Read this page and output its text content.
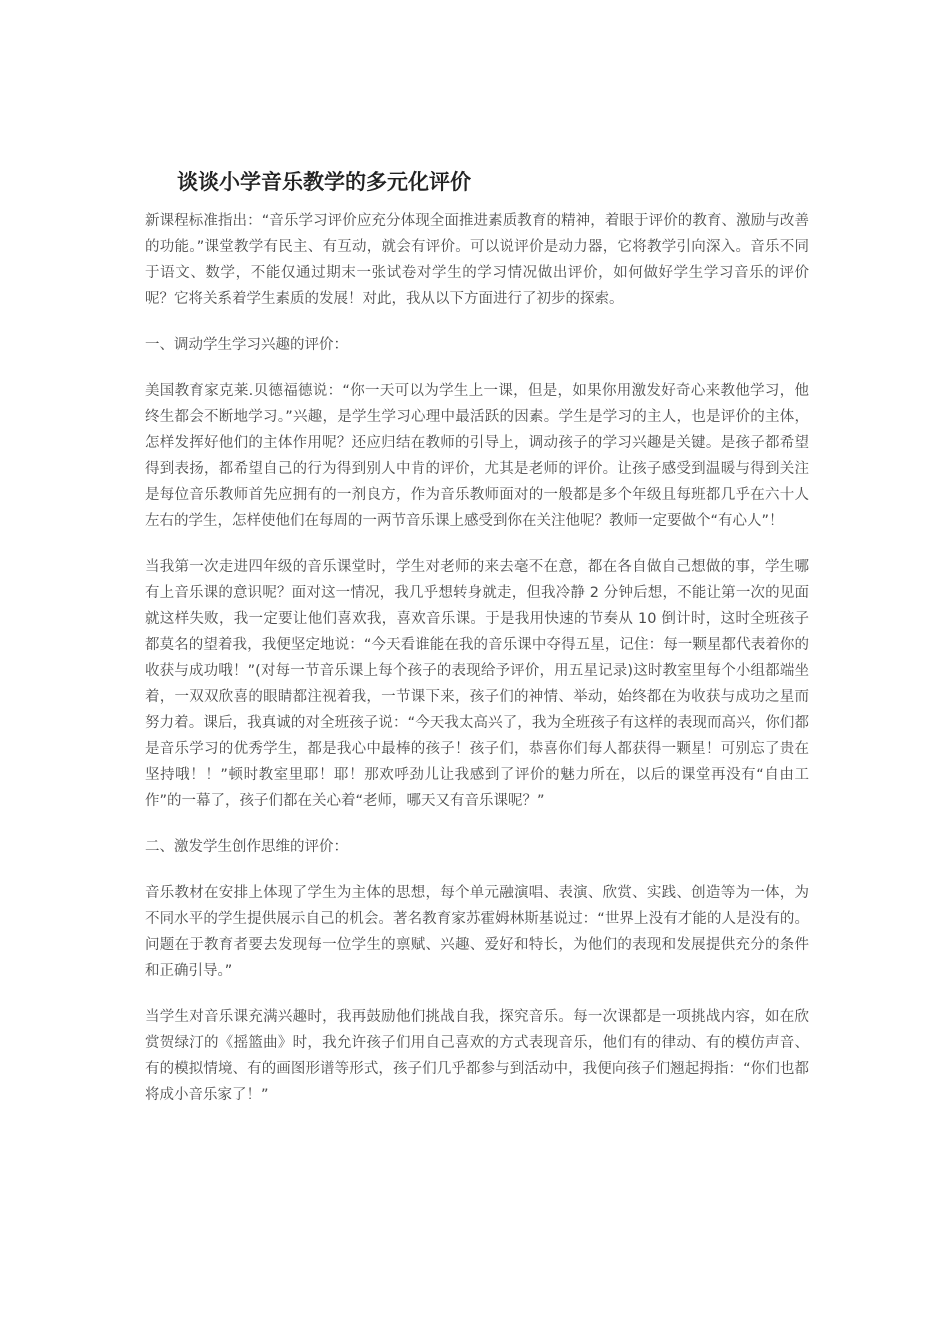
谈谈小学音乐教学的多元化评价

新课程标准指出：“音乐学习评价应充分体现全面推进素质教育的精神，着眼于评价的教育、激励与改善的功能。”课堂教学有民主、有互动，就会有评价。可以说评价是动力器，它将教学引向深入。音乐不同于语文、数学，不能仅通过期末一张试卷对学生的学习情况做出评价，如何做好学生学习音乐的评价呢？它将关系着学生素质的发展！对此，我从以下方面进行了初步的探索。

一、调动学生学习兴趣的评价：

美国教育家克莱.贝德福德说：“你一天可以为学生上一课，但是，如果你用激发好奇心来教他学习，他终生都会不断地学习。”兴趣，是学生学习心理中最活跃的因素。学生是学习的主人，也是评价的主体，怎样发挥好他们的主体作用呢？还应归结在教师的引导上，调动孩子的学习兴趣是关键。是孩子都希望得到表扬，都希望自己的行为得到别人中肯的评价，尤其是老师的评价。让孩子感受到温暖与得到关注是每位音乐教师首先应拥有的一剂良方，作为音乐教师面对的一般都是多个年级且每班都几乎在六十人左右的学生，怎样使他们在每周的一两节音乐课上感受到你在关注他呢？教师一定要做个“有心人”！

当我第一次走进四年级的音乐课堂时，学生对老师的来去毫不在意，都在各自做自己想做的事，学生哪有上音乐课的意识呢？面对这一情况，我几乎想转身就走，但我冷静 2 分钟后想，不能让第一次的见面就这样失败，我一定要让他们喜欢我，喜欢音乐课。于是我用快速的节奏从 10 倒计时，这时全班孩子都莫名的望着我，我便坚定地说：“今天看谁能在我的音乐课中夺得五星，记住：每一颗星都代表着你的收获与成功哦！”(对每一节音乐课上每个孩子的表现给予评价，用五星记录)这时教室里每个小组都端坐着，一双双欣喜的眼睛都注视着我，一节课下来，孩子们的神情、举动，始终都在为收获与成功之星而努力着。课后，我真诚的对全班孩子说：“今天我太高兴了，我为全班孩子有这样的表现而高兴，你们都是音乐学习的优秀学生，都是我心中最棒的孩子！孩子们，恭喜你们每人都获得一颗星！可别忘了贵在坚持哦！！”顿时教室里耶！耶！那欢呼劲儿让我感到了评价的魅力所在，以后的课堂再没有“自由工作”的一幕了，孩子们都在关心着“老师，哪天又有音乐课呢？”

二、激发学生创作思维的评价：

音乐教材在安排上体现了学生为主体的思想，每个单元融演唱、表演、欣赏、实践、创造等为一体，为不同水平的学生提供展示自己的机会。著名教育家苏霍姆林斯基说过：“世界上没有才能的人是没有的。问题在于教育者要去发现每一位学生的禀赋、兴趣、爱好和特长，为他们的表现和发展提供充分的条件和正确引导。”

当学生对音乐课充满兴趣时，我再鼓励他们挑战自我，探究音乐。每一次课都是一项挑战内容，如在欣赏贺绿汀的《摇篮曲》时，我允许孩子们用自己喜欢的方式表现音乐，他们有的律动、有的模仿声音、有的模拟情境、有的画图形谱等形式，孩子们几乎都参与到活动中，我便向孩子们翘起拇指：“你们也都将成小音乐家了！”
